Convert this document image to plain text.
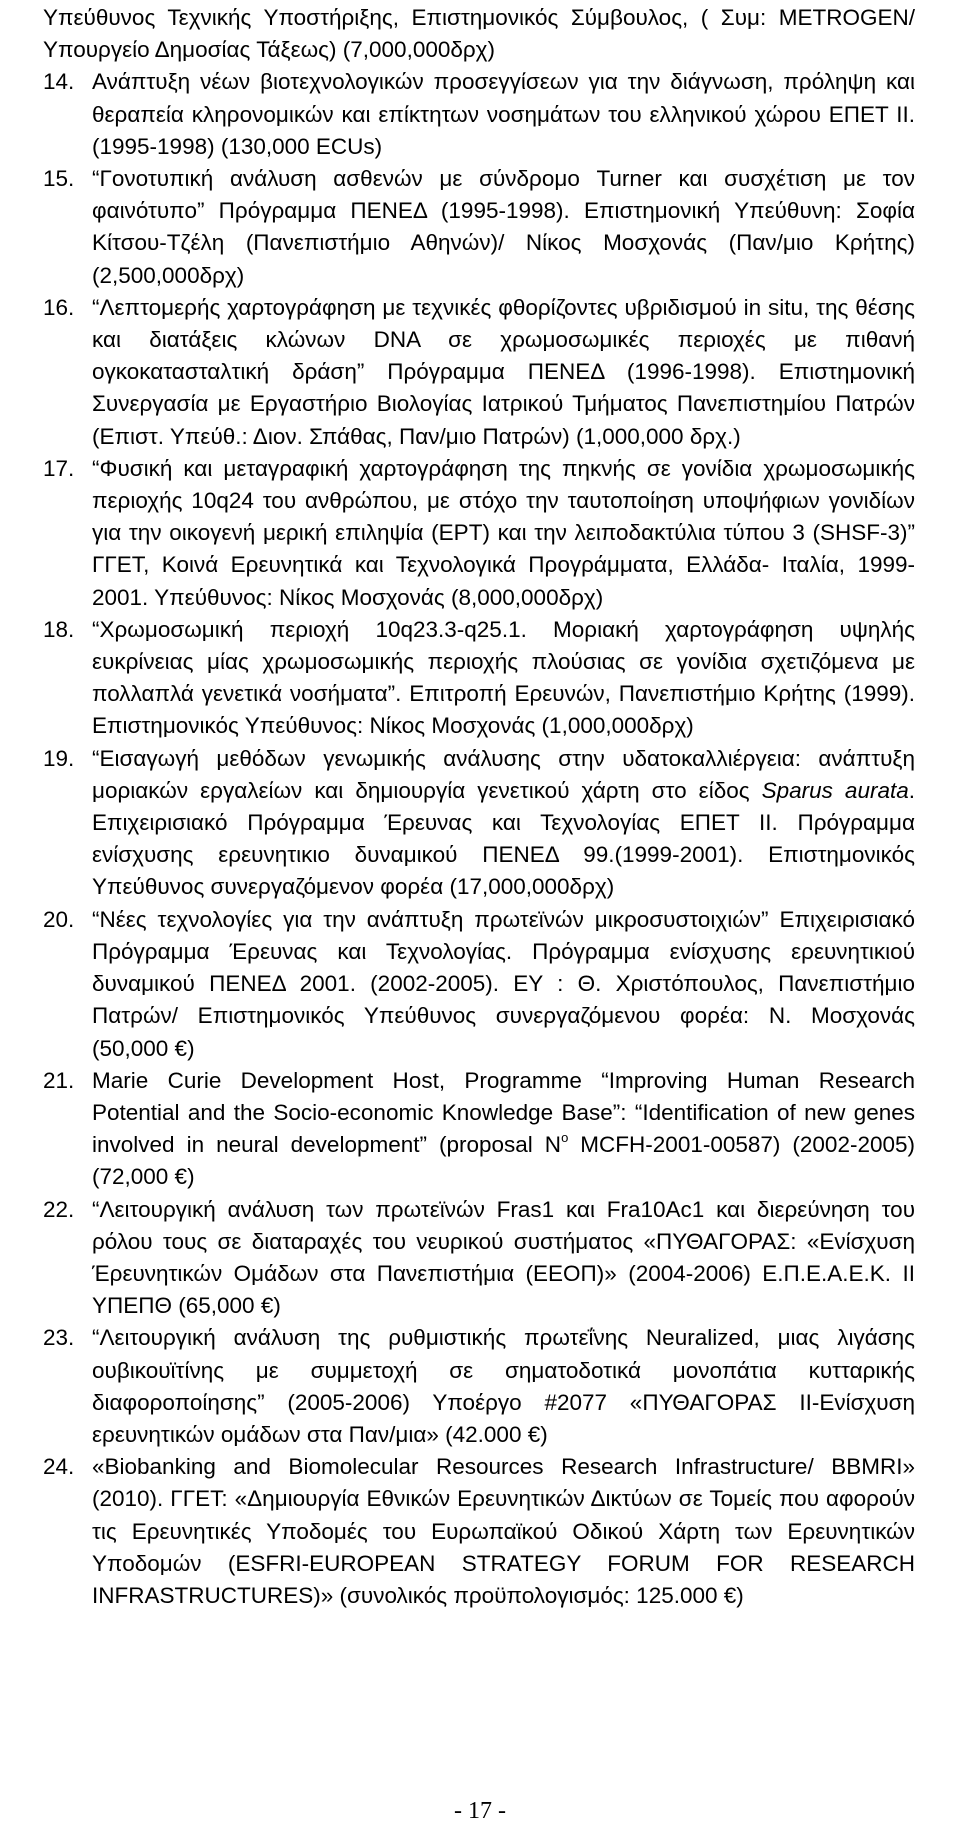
Υπεύθυνος Τεχνικής Υποστήριξης, Επιστημονικός Σύμβουλος, ( Συμ: METROGEN/Υπουργείο Δημοσίας Τάξεως) (7,000,000δρχ)

14. Ανάπτυξη νέων βιοτεχνολογικών προσεγγίσεων για την διάγνωση, πρόληψη και θεραπεία κληρονομικών και επίκτητων νοσημάτων του ελληνικού χώρου ΕΠΕΤ ΙΙ. (1995-1998) (130,000 ECUs)

15. “Γονοτυπική ανάλυση ασθενών με σύνδρομο Turner και συσχέτιση με τον φαινότυπο” Πρόγραμμα ΠΕΝΕΔ (1995-1998). Επιστημονική Υπεύθυνη: Σοφία Κίτσου-Τζέλη (Πανεπιστήμιο Αθηνών)/ Νίκος Μοσχονάς (Παν/μιο Κρήτης) (2,500,000δρχ)

16. “Λεπτομερής χαρτογράφηση με τεχνικές φθορίζοντες υβριδισμού in situ, της θέσης και διατάξεις κλώνων DNA σε χρωμοσωμικές περιοχές με πιθανή ογκοκατασταλτική δράση” Πρόγραμμα ΠΕΝΕΔ (1996-1998). Επιστημονική Συνεργασία με Εργαστήριο Βιολογίας Ιατρικού Τμήματος Πανεπιστημίου Πατρών (Επιστ. Υπεύθ.: Διον. Σπάθας, Παν/μιο Πατρών) (1,000,000 δρχ.)

17. “Φυσική και μεταγραφική χαρτογράφηση της πηκνής σε γονίδια χρωμοσωμικής περιοχής 10q24 του ανθρώπου, με στόχο την ταυτοποίηση υποψήφιων γονιδίων για την οικογενή μερική επιληψία (ΕΡΤ) και την λειποδακτύλια τύπου 3 (SHSF-3)” ΓΓΕΤ, Κοινά Ερευνητικά και Τεχνολογικά Προγράμματα, Ελλάδα- Ιταλία, 1999-2001. Υπεύθυνος: Νίκος Μοσχονάς (8,000,000δρχ)

18. “Χρωμοσωμική περιοχή 10q23.3-q25.1. Μοριακή χαρτογράφηση υψηλής ευκρίνειας μίας χρωμοσωμικής περιοχής πλούσιας σε γονίδια σχετιζόμενα με πολλαπλά γενετικά νοσήματα”. Επιτροπή Ερευνών, Πανεπιστήμιο Κρήτης (1999). Επιστημονικός Υπεύθυνος: Νίκος Μοσχονάς (1,000,000δρχ)

19. “Εισαγωγή μεθόδων γενωμικής ανάλυσης στην υδατοκαλλιέργεια: ανάπτυξη μοριακών εργαλείων και δημιουργία γενετικού χάρτη στο είδος Sparus aurata. Επιχειρισιακό Πρόγραμμα Έρευνας και Τεχνολογίας ΕΠΕΤ ΙΙ. Πρόγραμμα ενίσχυσης ερευνητικιο δυναμικού ΠΕΝΕΔ 99.(1999-2001). Επιστημονικός Υπεύθυνος συνεργαζόμενον φορέα (17,000,000δρχ)

20. “Νέες τεχνολογίες για την ανάπτυξη πρωτεϊνών μικροσυστοιχιών” Επιχειρισιακό Πρόγραμμα Έρευνας και Τεχνολογίας. Πρόγραμμα ενίσχυσης ερευνητικιού δυναμικού ΠΕΝΕΔ 2001. (2002-2005). ΕΥ : Θ. Χριστόπουλος, Πανεπιστήμιο Πατρών/ Επιστημονικός Υπεύθυνος συνεργαζόμενου φορέα: Ν. Μοσχονάς (50,000 €)

21. Marie Curie Development Host, Programme “Improving Human Research Potential and the Socio-economic Knowledge Base”: “Identification of new genes involved in neural development” (proposal $N^o$ MCFH-2001-00587) (2002-2005) (72,000 €)

22. “Λειτουργική ανάλυση των πρωτεϊνών Fras1 και Fra10Ac1 και διερεύνηση του ρόλου τους σε διαταραχές του νευρικού συστήματος «ΠΥΘΑΓΟΡΑΣ: «Ενίσχυση Έρευνητικών Ομάδων στα Πανεπιστήμια (ΕΕΟΠ)» (2004-2006) Ε.Π.Ε.Α.Ε.Κ. ΙΙ ΥΠΕΠΘ (65,000 €)

23. “Λειτουργική ανάλυση της ρυθμιστικής πρωτεΐνης Neuralized, μιας λιγάσης ουβικουϊτίνης με συμμετοχή σε σηματοδοτικά μονοπάτια κυτταρικής διαφοροποίησης” (2005-2006) Υποέργο #2077 «ΠΥΘΑΓΟΡΑΣ ΙΙ-Ενίσχυση ερευνητικών ομάδων στα Παν/μια» (42.000 €)

24. «Biobanking and Biomolecular Resources Research Infrastructure/ BBMRI» (2010). ΓΓΕΤ: «Δημιουργία Εθνικών Ερευνητικών Δικτύων σε Τομείς που αφορούν τις Ερευνητικές Υποδομές του Ευρωπαϊκού Οδικού Χάρτη των Ερευνητικών Υποδομών (ESFRI-EUROPEAN STRATEGY FORUM FOR RESEARCH INFRASTRUCTURES)» (συνολικός προϋπολογισμός: 125.000 €)

- 17 -
